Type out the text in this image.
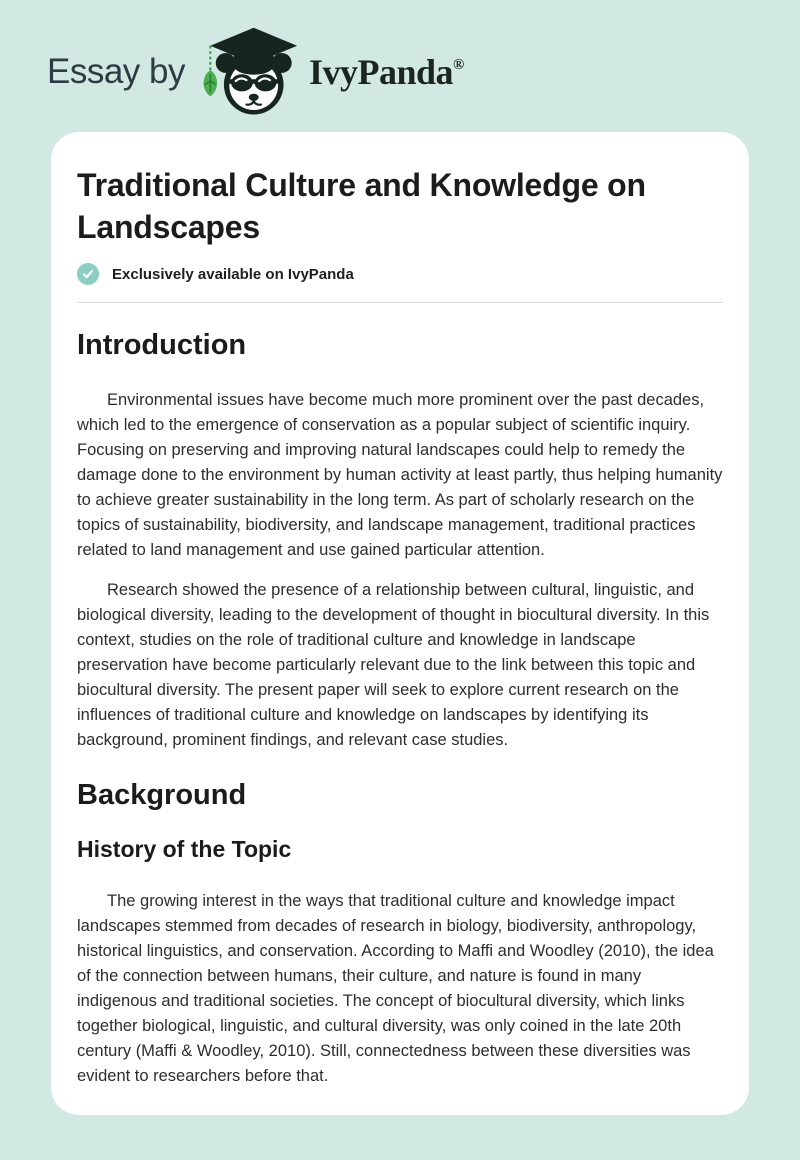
Essay by	IvyPanda®
Traditional Culture and Knowledge on Landscapes
Exclusively available on IvyPanda
Introduction

Environmental issues have become much more prominent over the past decades, which led to the emergence of conservation as a popular subject of scientific inquiry. Focusing on preserving and improving natural landscapes could help to remedy the damage done to the environment by human activity at least partly, thus helping humanity to achieve greater sustainability in the long term. As part of scholarly research on the topics of sustainability, biodiversity, and landscape management, traditional practices related to land management and use gained particular attention.

Research showed the presence of a relationship between cultural, linguistic, and biological diversity, leading to the development of thought in biocultural diversity. In this context, studies on the role of traditional culture and knowledge in landscape preservation have become particularly relevant due to the link between this topic and biocultural diversity. The present paper will seek to explore current research on the influences of traditional culture and knowledge on landscapes by identifying its background, prominent findings, and relevant case studies.

Background
History of the Topic

The growing interest in the ways that traditional culture and knowledge impact landscapes stemmed from decades of research in biology, biodiversity, anthropology, historical linguistics, and conservation. According to Maffi and Woodley (2010), the idea of the connection between humans, their culture, and nature is found in many indigenous and traditional societies. The concept of biocultural diversity, which links together biological, linguistic, and cultural diversity, was only coined in the late 20th century (Maffi & Woodley, 2010). Still, connectedness between these diversities was evident to researchers before that.
